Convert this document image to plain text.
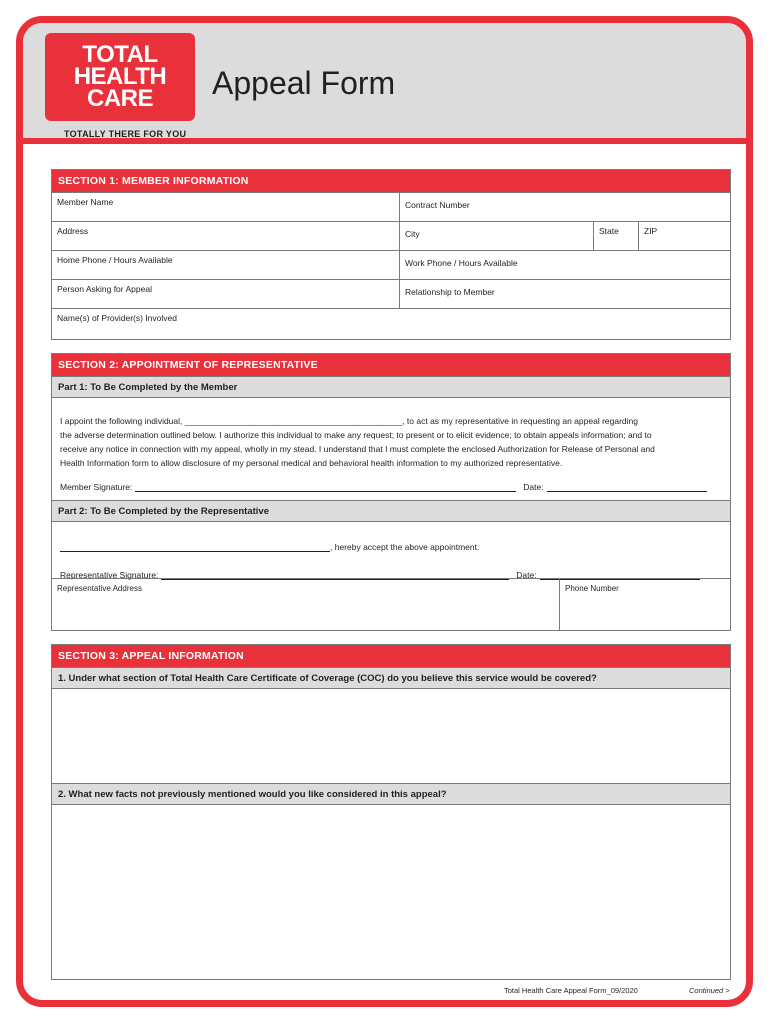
TOTAL
HEALTH
CARE
TOTALLY THERE FOR YOU
Appeal Form
SECTION 1: MEMBER INFORMATION
Member Name	Contract Number
Address	City	State	ZIP
Home Phone / Hours Available	Work Phone / Hours Available
Person Asking for Appeal	Relationship to Member
Name(s) of Provider(s) Involved
SECTION 2: APPOINTMENT OF REPRESENTATIVE
Part 1: To Be Completed by the Member
I appoint the following individual, ______________________________________________, to act as my representative in requesting an appeal regarding
the adverse determination outlined below. I authorize this individual to make any request; to present or to elicit evidence; to obtain appeals information; and to
receive any notice in connection with my appeal, wholly in my stead. I understand that I must complete the enclosed Authorization for Release of Personal and
Health Information form to allow disclosure of my personal medical and behavioral health information to my authorized representative.
Member Signature:	Date:
Part 2: To Be Completed by the Representative
, hereby accept the above appointment.
Representative Signature:	Date:
Representative Address	Phone Number
SECTION 3: APPEAL INFORMATION
1. Under what section of Total Health Care Certificate of Coverage (COC) do you believe this service would be covered?
2. What new facts not previously mentioned would you like considered in this appeal?
Total Health Care Appeal Form_09/2020	Continued >
